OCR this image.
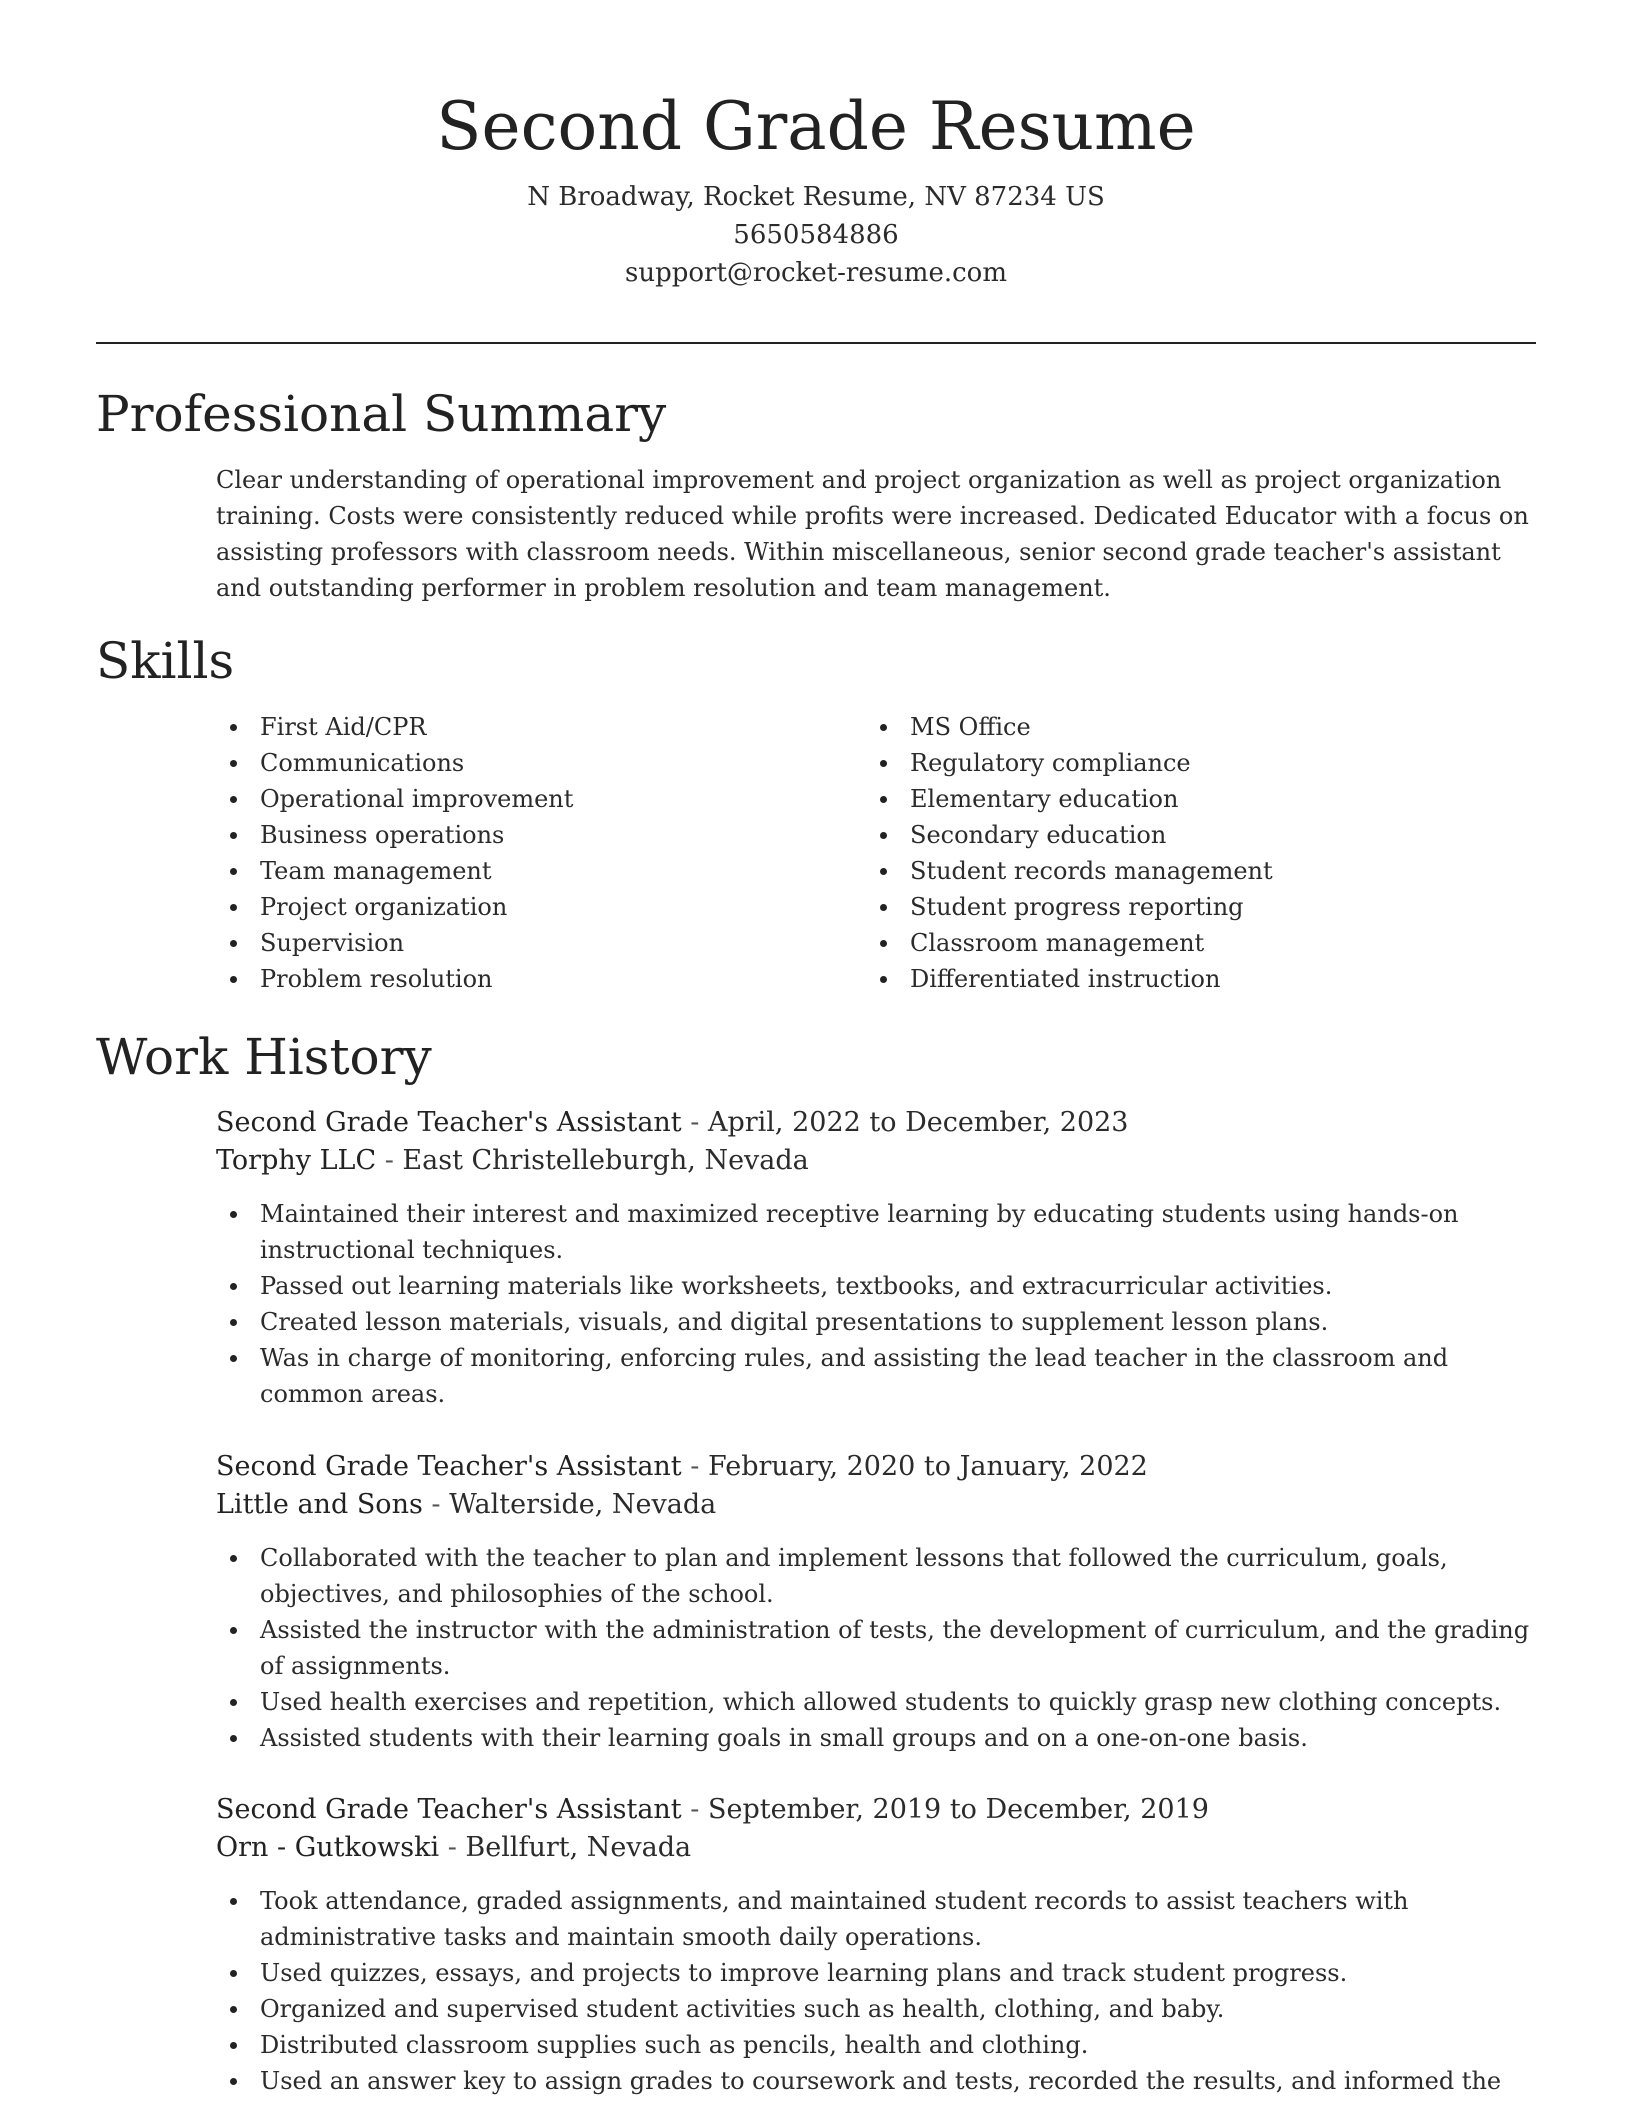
Second Grade Resume
N Broadway, Rocket Resume, NV 87234 US
5650584886
support@rocket-resume.com
Professional Summary

Clear understanding of operational improvement and project organization as well as project organization training. Costs were consistently reduced while profits were increased. Dedicated Educator with a focus on assisting professors with classroom needs. Within miscellaneous, senior second grade teacher's assistant and outstanding performer in problem resolution and team management.

Skills
First Aid/CPR
Communications
Operational improvement
Business operations
Team management
Project organization
Supervision
Problem resolution
MS Office
Regulatory compliance
Elementary education
Secondary education
Student records management
Student progress reporting
Classroom management
Differentiated instruction
Work History
Second Grade Teacher's Assistant - April, 2022 to December, 2023
Torphy LLC - East Christelleburgh, Nevada
Maintained their interest and maximized receptive learning by educating students using hands-on instructional techniques.
Passed out learning materials like worksheets, textbooks, and extracurricular activities.
Created lesson materials, visuals, and digital presentations to supplement lesson plans.
Was in charge of monitoring, enforcing rules, and assisting the lead teacher in the classroom and common areas.
Second Grade Teacher's Assistant - February, 2020 to January, 2022
Little and Sons - Walterside, Nevada
Collaborated with the teacher to plan and implement lessons that followed the curriculum, goals, objectives, and philosophies of the school.
Assisted the instructor with the administration of tests, the development of curriculum, and the grading of assignments.
Used health exercises and repetition, which allowed students to quickly grasp new clothing concepts.
Assisted students with their learning goals in small groups and on a one-on-one basis.
Second Grade Teacher's Assistant - September, 2019 to December, 2019
Orn - Gutkowski - Bellfurt, Nevada
Took attendance, graded assignments, and maintained student records to assist teachers with administrative tasks and maintain smooth daily operations.
Used quizzes, essays, and projects to improve learning plans and track student progress.
Organized and supervised student activities such as health, clothing, and baby.
Distributed classroom supplies such as pencils, health and clothing.
Used an answer key to assign grades to coursework and tests, recorded the results, and informed the
